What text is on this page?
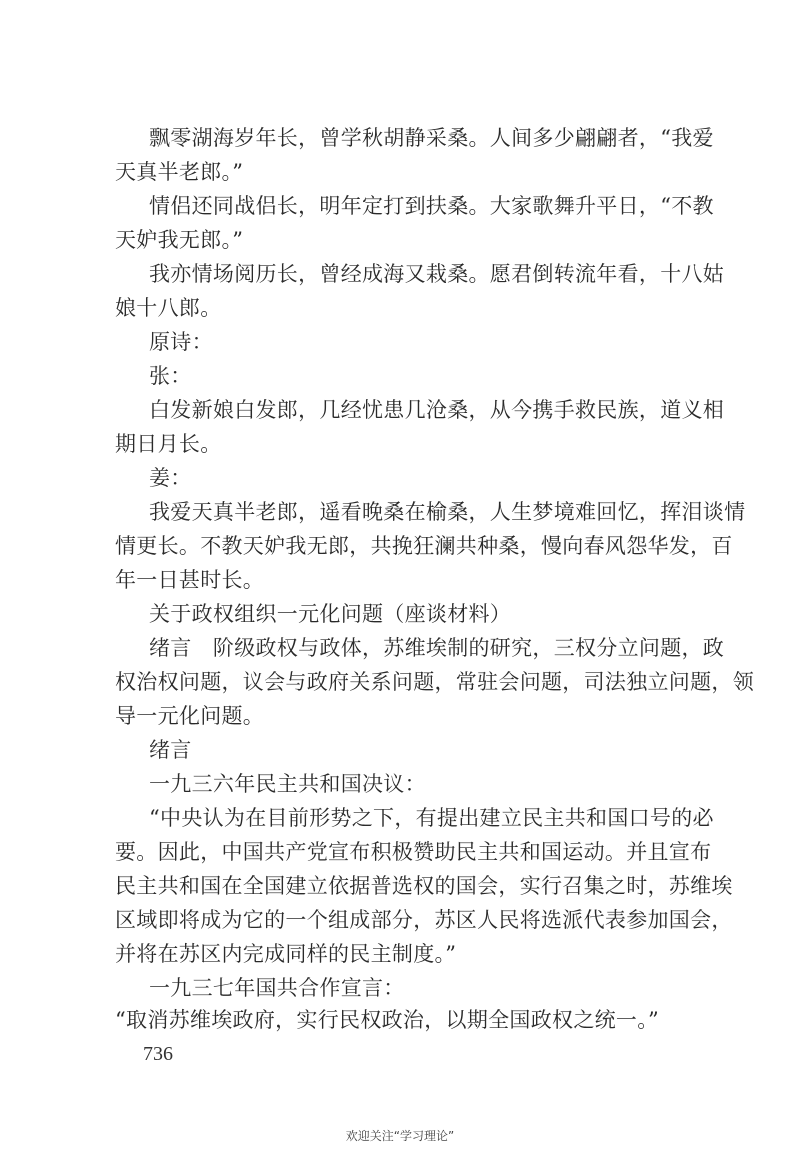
飘零湖海岁年长，曾学秋胡静采桑。人间多少翩翩者，“我爱
天真半老郎。”
情侣还同战侣长，明年定打到扶桑。大家歌舞升平日，“不教
天妒我无郎。”
我亦情场阅历长，曾经成海又栽桑。愿君倒转流年看，十八姑
娘十八郎。
原诗：
张：
白发新娘白发郎，几经忧患几沧桑，从今携手救民族，道义相
期日月长。
姜：
我爱天真半老郎，遥看晚桑在榆桑，人生梦境难回忆，挥泪谈情
情更长。不教天妒我无郎，共挽狂澜共种桑，慢向春风怨华发，百
年一日甚时长。
关于政权组织一元化问题（座谈材料）
绪言　阶级政权与政体，苏维埃制的研究，三权分立问题，政
权治权问题，议会与政府关系问题，常驻会问题，司法独立问题，领
导一元化问题。
绪言
一九三六年民主共和国决议：
“中央认为在目前形势之下，有提出建立民主共和国口号的必
要。因此，中国共产党宣布积极赞助民主共和国运动。并且宣布
民主共和国在全国建立依据普选权的国会，实行召集之时，苏维埃
区域即将成为它的一个组成部分，苏区人民将选派代表参加国会，
并将在苏区内完成同样的民主制度。”
一九三七年国共合作宣言：
“取消苏维埃政府，实行民权政治，以期全国政权之统一。”
736
欢迎关注“学习理论”
